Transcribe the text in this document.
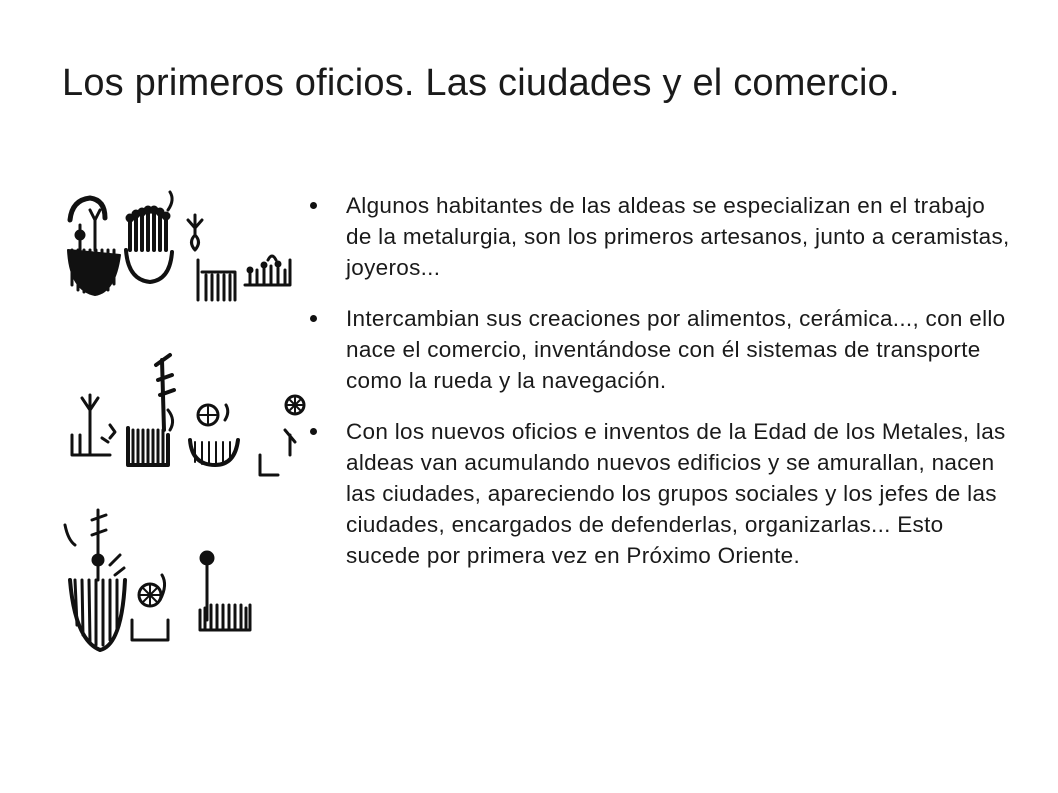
Los primeros oficios. Las ciudades y el comercio.
Algunos habitantes de las aldeas se especializan en el trabajo de la metalurgia, son los primeros artesanos, junto a ceramistas, joyeros...
Intercambian sus creaciones por alimentos, cerámica..., con ello nace el comercio, inventándose con él sistemas de transporte como la rueda y la navegación.
Con los nuevos oficios e inventos de la Edad de los Metales, las aldeas van acumulando nuevos edificios y se amurallan, nacen las ciudades, apareciendo los grupos sociales y los jefes de las ciudades, encargados de defenderlas, organizarlas... Esto sucede por primera vez en Próximo Oriente.
